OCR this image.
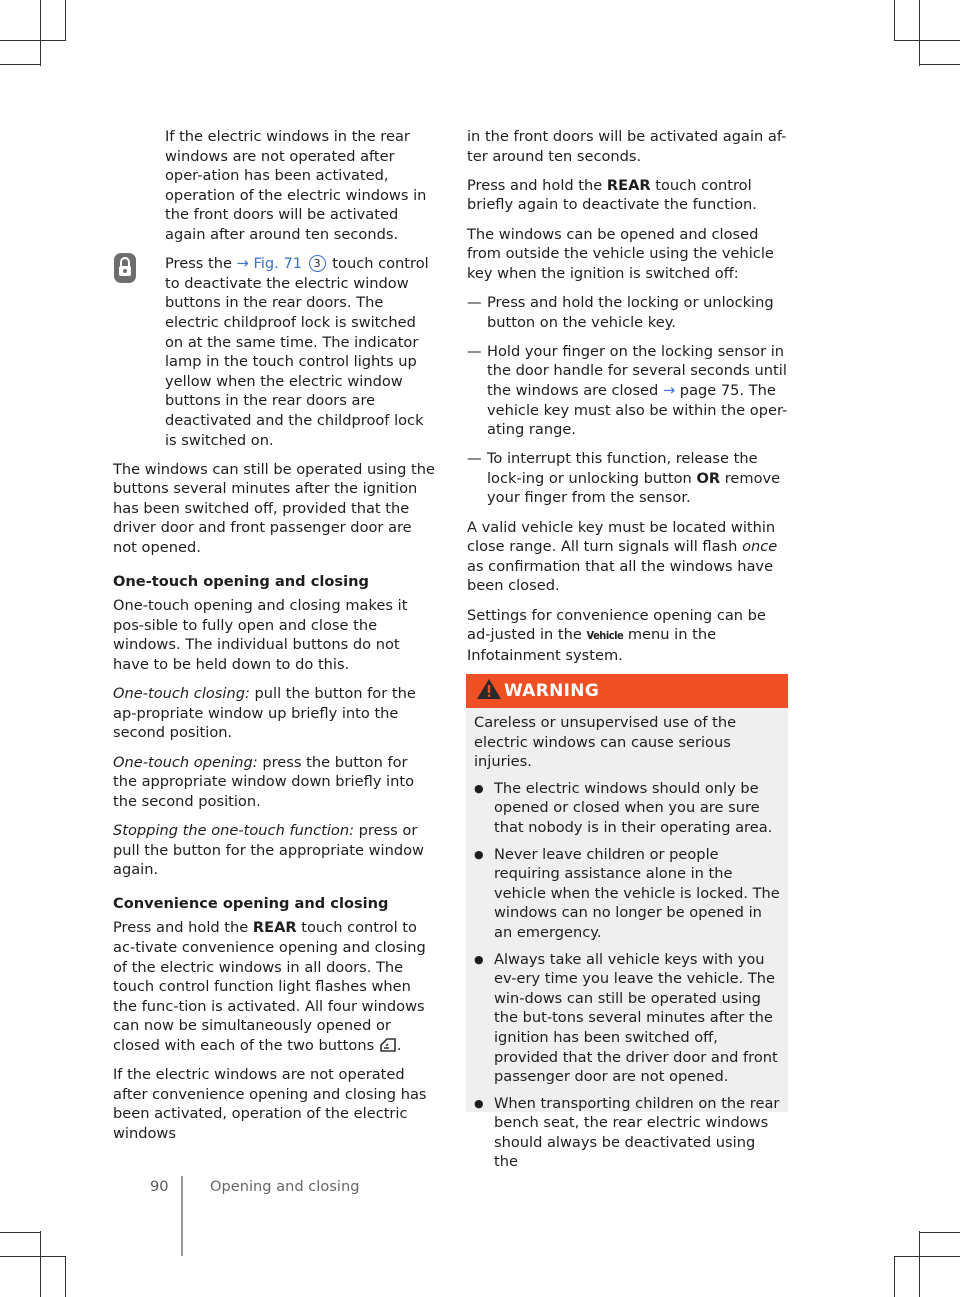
If the electric windows in the rear windows are not operated after oper-ation has been activated, operation of the electric windows in the front doors will be activated again after around ten seconds.

Press the → Fig. 71 3 touch control to deactivate the electric window buttons in the rear doors. The electric childproof lock is switched on at the same time. The indicator lamp in the touch control lights up yellow when the electric window buttons in the rear doors are deactivated and the childproof lock is switched on.

The windows can still be operated using the buttons several minutes after the ignition has been switched off, provided that the driver door and front passenger door are not opened.

One-touch opening and closing

One-touch opening and closing makes it pos-sible to fully open and close the windows. The individual buttons do not have to be held down to do this.

One-touch closing: pull the button for the ap-propriate window up briefly into the second position.

One-touch opening: press the button for the appropriate window down briefly into the second position.

Stopping the one-touch function: press or pull the button for the appropriate window again.

Convenience opening and closing

Press and hold the REAR touch control to ac-tivate convenience opening and closing of the electric windows in all doors. The touch control function light flashes when the func-tion is activated. All four windows can now be simultaneously opened or closed with each of the two buttons .

If the electric windows are not operated after convenience opening and closing has been activated, operation of the electric windows

in the front doors will be activated again af-ter around ten seconds.

Press and hold the REAR touch control briefly again to deactivate the function.

The windows can be opened and closed from outside the vehicle using the vehicle key when the ignition is switched off:

— Press and hold the locking or unlocking button on the vehicle key.
— Hold your finger on the locking sensor in the door handle for several seconds until the windows are closed → page 75. The vehicle key must also be within the oper-ating range.
— To interrupt this function, release the lock-ing or unlocking button OR remove your finger from the sensor.

A valid vehicle key must be located within close range. All turn signals will flash once as confirmation that all the windows have been closed.

Settings for convenience opening can be ad-justed in the Vehicle menu in the Infotainment system.

WARNING

Careless or unsupervised use of the electric windows can cause serious injuries.

● The electric windows should only be opened or closed when you are sure that nobody is in their operating area.
● Never leave children or people requiring assistance alone in the vehicle when the vehicle is locked. The windows can no longer be opened in an emergency.
● Always take all vehicle keys with you ev-ery time you leave the vehicle. The win-dows can still be operated using the but-tons several minutes after the ignition has been switched off, provided that the driver door and front passenger door are not opened.
● When transporting children on the rear bench seat, the rear electric windows should always be deactivated using the
90	Opening and closing
